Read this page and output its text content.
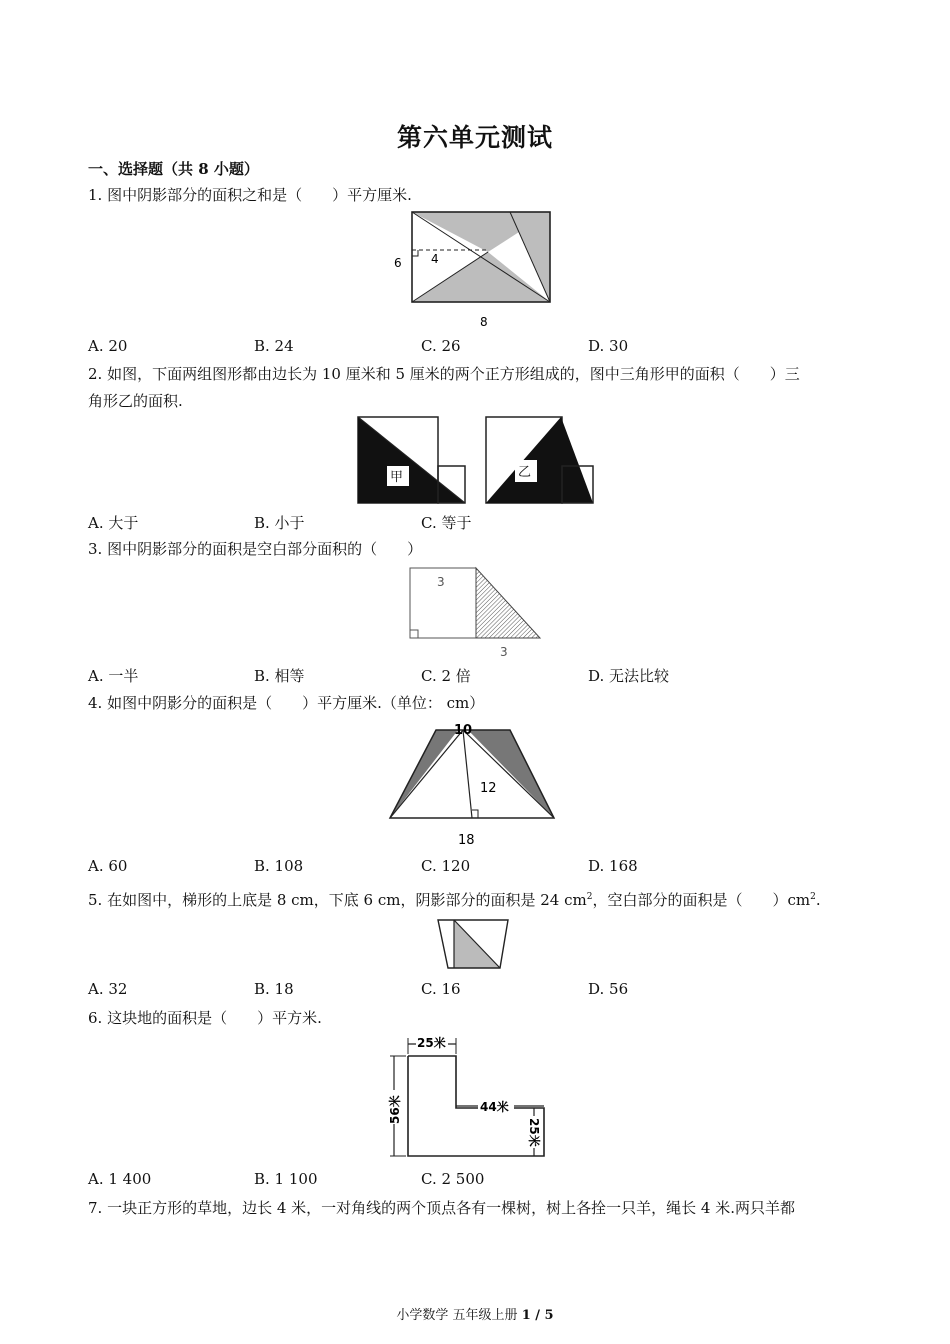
第六单元测试
一、选择题（共 8 小题）
1. 图中阴影部分的面积之和是（　　）平方厘米.
6 4
8
A. 20	B. 24	C. 26	D. 30
2. 如图，下面两组图形都由边长为 10 厘米和 5 厘米的两个正方形组成的，图中三角形甲的面积（　　）三
角形乙的面积.
甲	乙
A. 大于	B. 小于	C. 等于
3. 图中阴影部分的面积是空白部分面积的（　　）
3
3
A. 一半	B. 相等	C. 2 倍	D. 无法比较
4. 如图中阴影分的面积是（　　）平方厘米.（单位： cm）
10
12
18
A. 60	B. 108	C. 120	D. 168
5. 在如图中，梯形的上底是 8 cm，下底 6 cm，阴影部分的面积是 24 $cm^2$，空白部分的面积是（　　）$cm^2$.
A. 32	B. 18	C. 16	D. 56
6. 这块地的面积是（　　）平方米.
25米
56米	44米
25米
A. 1 400	B. 1 100	C. 2 500
7. 一块正方形的草地，边长 4 米，一对角线的两个顶点各有一棵树，树上各拴一只羊，绳长 4 米.两只羊都
小学数学 五年级上册 1 / 5
